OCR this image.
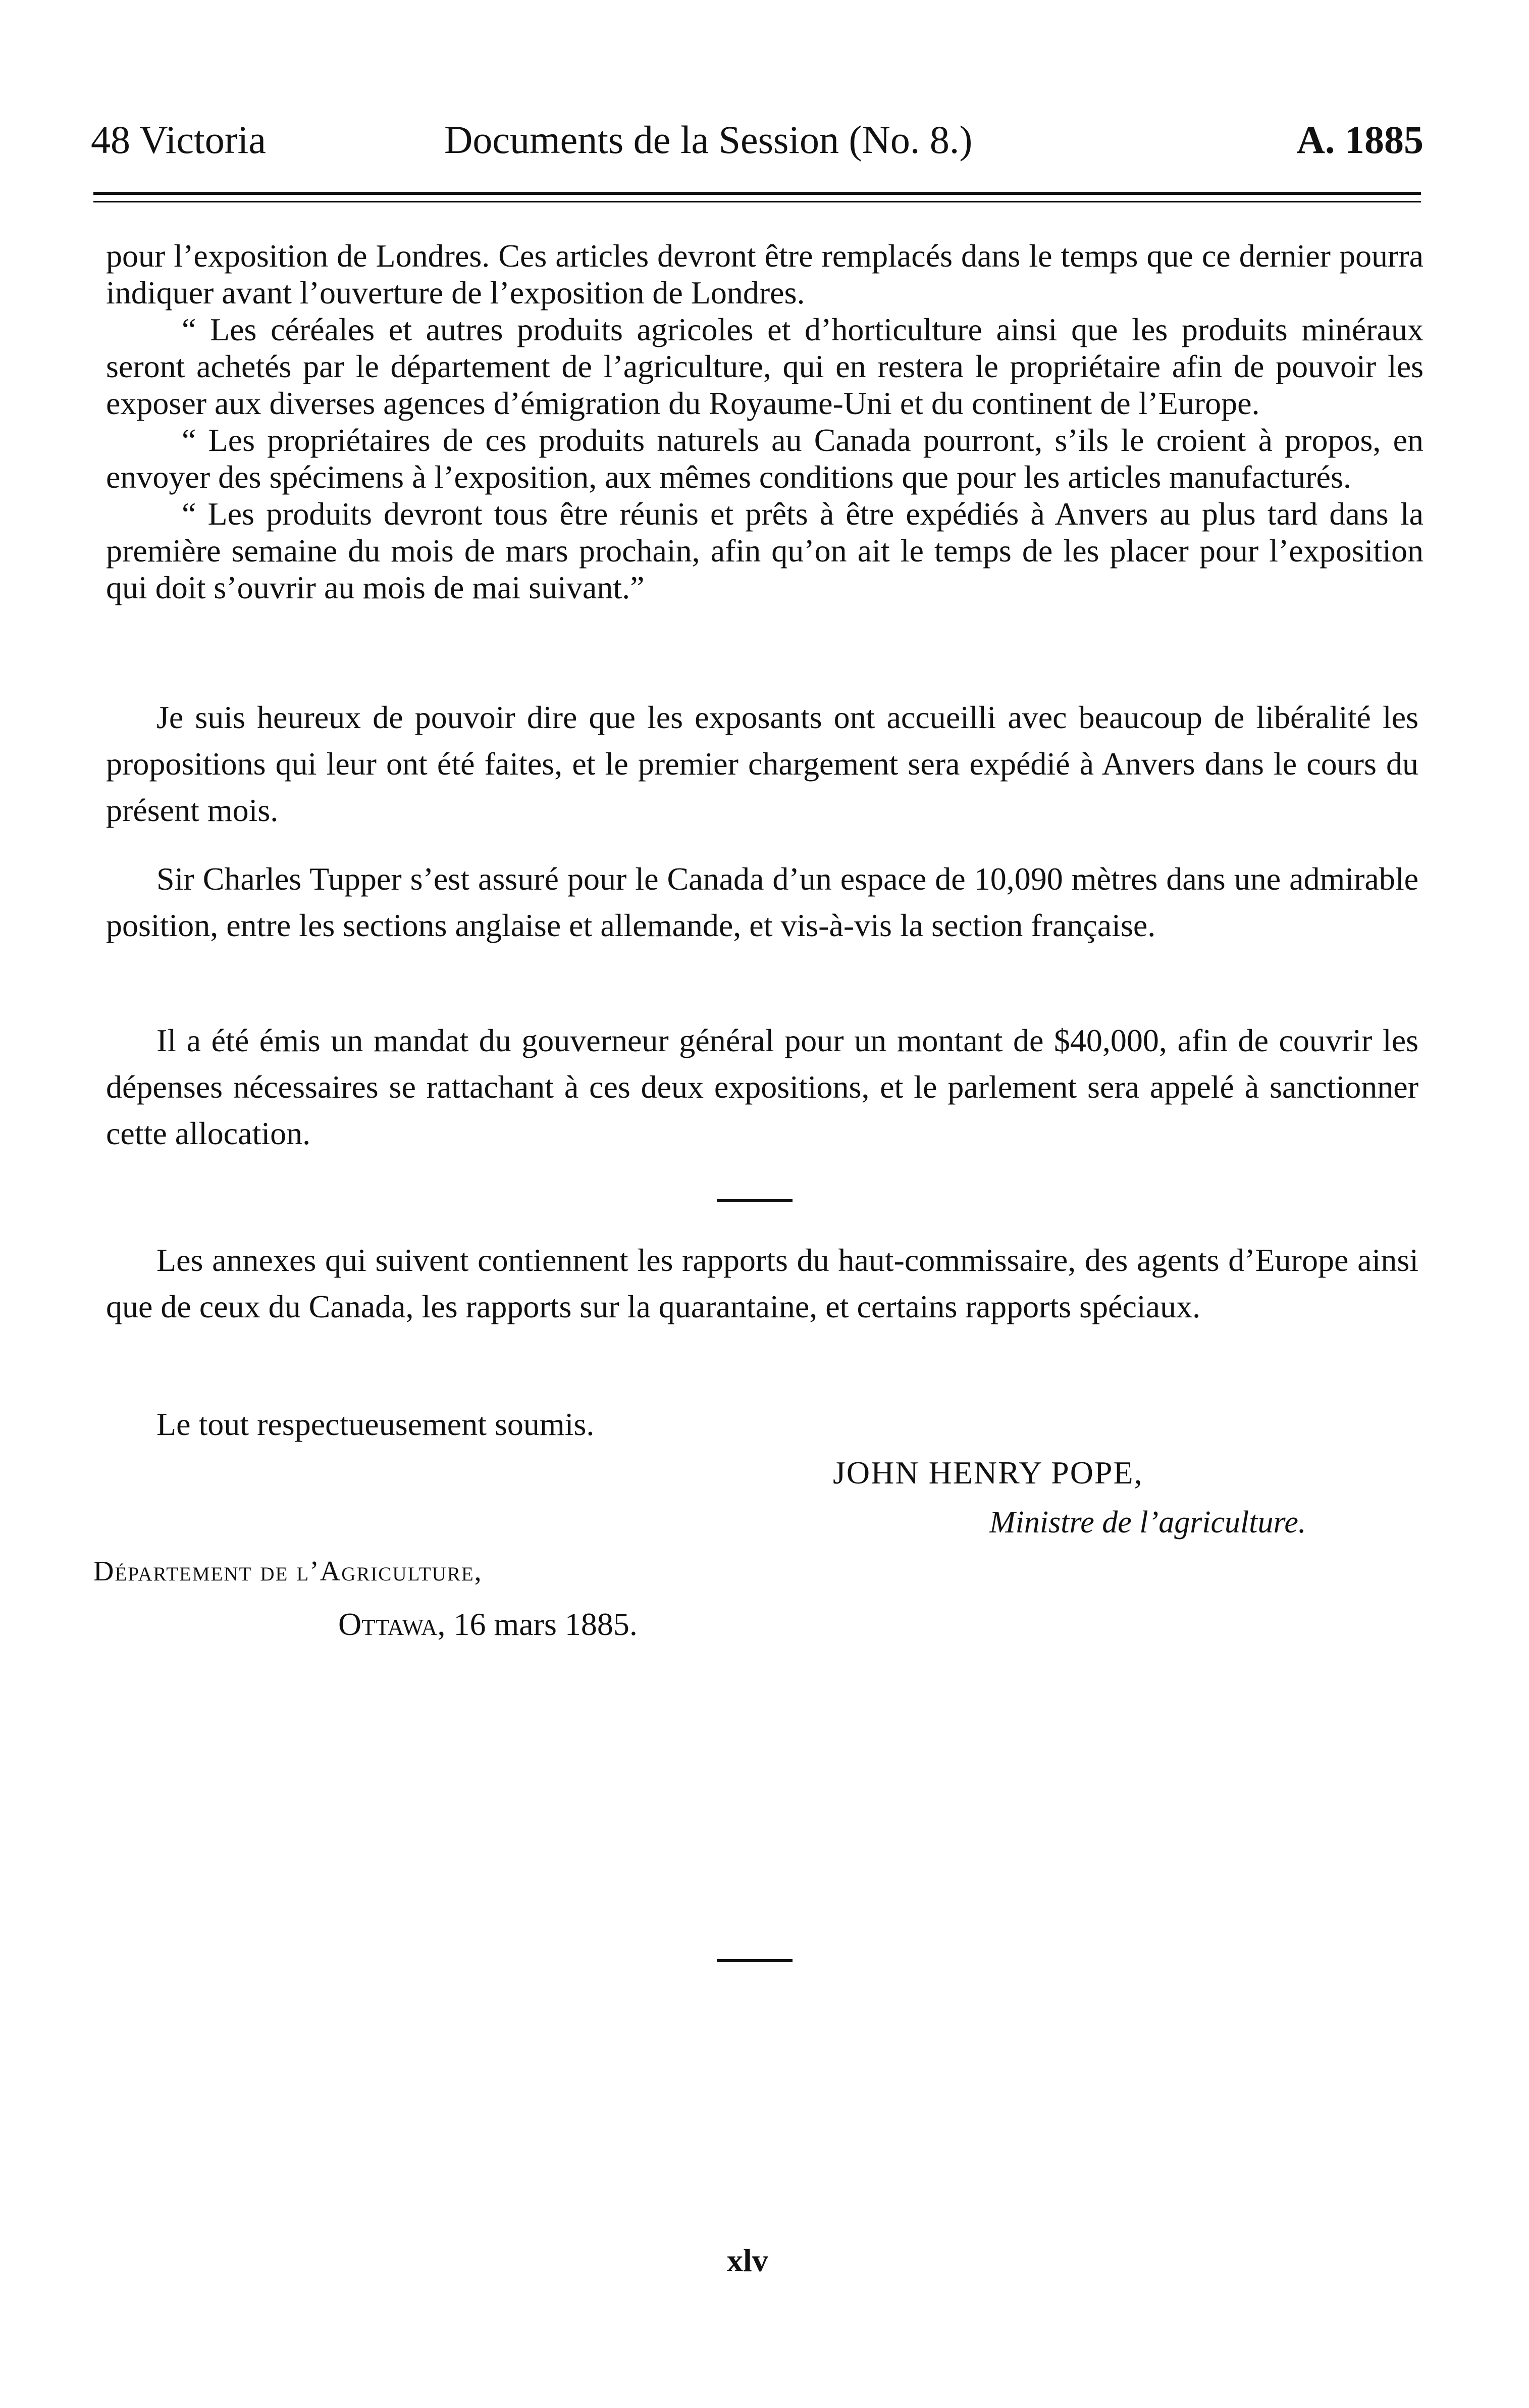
48 Victoria	Documents de la Session (No. 8.)	A. 1885

pour l’exposition de Londres. Ces articles devront être remplacés dans le temps que ce dernier pourra indiquer avant l’ouverture de l’exposition de Londres.

“ Les céréales et autres produits agricoles et d’horticulture ainsi que les produits minéraux seront achetés par le département de l’agriculture, qui en restera le propriétaire afin de pouvoir les exposer aux diverses agences d’émigration du Royaume-Uni et du continent de l’Europe.

“ Les propriétaires de ces produits naturels au Canada pourront, s’ils le croient à propos, en envoyer des spécimens à l’exposition, aux mêmes conditions que pour les articles manufacturés.

“ Les produits devront tous être réunis et prêts à être expédiés à Anvers au plus tard dans la première semaine du mois de mars prochain, afin qu’on ait le temps de les placer pour l’exposition qui doit s’ouvrir au mois de mai suivant.”

Je suis heureux de pouvoir dire que les exposants ont accueilli avec beaucoup de libéralité les propositions qui leur ont été faites, et le premier chargement sera expédié à Anvers dans le cours du présent mois.

Sir Charles Tupper s’est assuré pour le Canada d’un espace de 10,090 mètres dans une admirable position, entre les sections anglaise et allemande, et vis-à-vis la section française.

Il a été émis un mandat du gouverneur général pour un montant de $40,000, afin de couvrir les dépenses nécessaires se rattachant à ces deux expositions, et le parlement sera appelé à sanctionner cette allocation.

Les annexes qui suivent contiennent les rapports du haut-commissaire, des agents d’Europe ainsi que de ceux du Canada, les rapports sur la quarantaine, et certains rapports spéciaux.

Le tout respectueusement soumis.

JOHN HENRY POPE,
Ministre de l’agriculture.
Département de l’Agriculture,
Ottawa, 16 mars 1885.
xlv
